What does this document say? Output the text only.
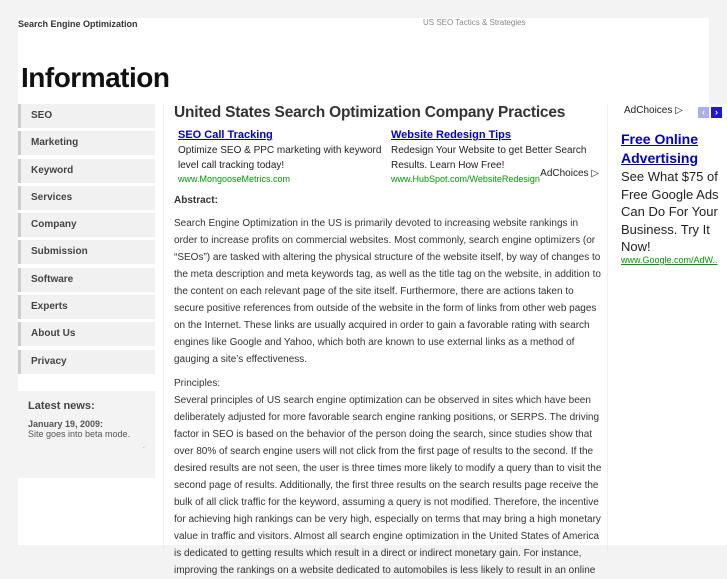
Search Engine Optimization	US SEO Tactics & Strategies
Information
SEO
Marketing
Keyword
Services
Company
Submission
Software
Experts
About Us
Privacy
Latest news:
January 19, 2009:
Site goes into beta mode.
.
United States Search Optimization Company Practices
SEO Call Tracking

Optimize SEO & PPC marketing with keyword level call tracking today!

www.MongooseMetrics.com
Website Redesign Tips

Redesign Your Website to get Better Search Results. Learn How Free!

www.HubSpot.com/WebsiteRedesign AdChoices ▷
Abstract:

Search Engine Optimization in the US is primarily devoted to increasing website rankings in order to increase profits on commercial websites. Most commonly, search engine optimizers (or “SEOs”) are tasked with altering the physical structure of the website itself, by way of changes to the meta description and meta keywords tag, as well as the title tag on the website, in addition to the content on each relevant page of the site itself. Furthermore, there are actions taken to secure positive references from outside of the website in the form of links from other web pages on the Internet. These links are usually acquired in order to gain a favorable rating with search engines like Google and Yahoo, which both are known to use external links as a method of gauging a site’s effectiveness.

Principles:

Several principles of US search engine optimization can be observed in sites which have been deliberately adjusted for more favorable search engine ranking positions, or SERPS. The driving factor in SEO is based on the behavior of the person doing the search, since studies show that over 80% of search engine users will not click from the first page of results to the second. If the desired results are not seen, the user is three times more likely to modify a query than to visit the second page of results. Additionally, the first three results on the search results page receive the bulk of all click traffic for the keyword, assuming a query is not modified. Therefore, the incentive for achieving high rankings can be very high, especially on terms that may bring a high monetary value in traffic and visitors. Almost all search engine optimization in the United States of America is dedicated to getting results which result in a direct or indirect monetary gain. For instance, improving the rankings on a website dedicated to automobiles is less likely to result in an online

AdChoices ▷	‹	›
Free Online Advertising
See What $75 of Free Google Ads Can Do For Your Business. Try It Now!
www.Google.com/AdW..
